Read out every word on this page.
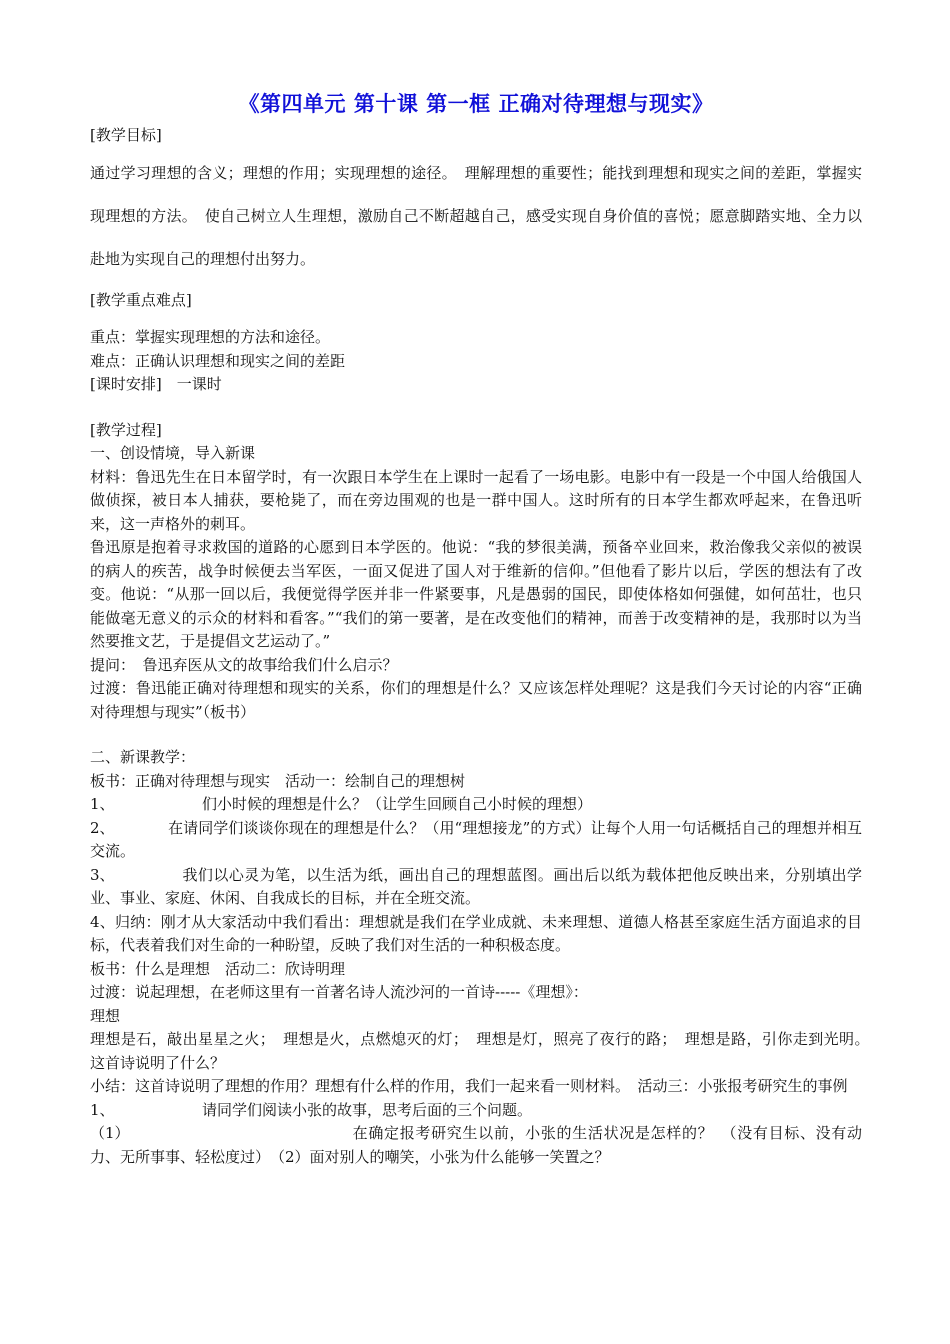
《第四单元 第十课 第一框 正确对待理想与现实》

[教学目标]

通过学习理想的含义；理想的作用；实现理想的途径。　理解理想的重要性；能找到理想和现实之间的差距，掌握实现理想的方法。　使自己树立人生理想，激励自己不断超越自己，感受实现自身价值的喜悦；愿意脚踏实地、全力以赴地为实现自己的理想付出努力。

[教学重点难点]

重点：掌握实现理想的方法和途径。

难点：正确认识理想和现实之间的差距

[课时安排]　一课时

[教学过程]

一、创设情境，导入新课

材料：鲁迅先生在日本留学时，有一次跟日本学生在上课时一起看了一场电影。电影中有一段是一个中国人给俄国人做侦探，被日本人捕获，要枪毙了，而在旁边围观的也是一群中国人。这时所有的日本学生都欢呼起来，在鲁迅听来，这一声格外的刺耳。

鲁迅原是抱着寻求救国的道路的心愿到日本学医的。他说：“我的梦很美满，预备卒业回来，救治像我父亲似的被误的病人的疾苦，战争时候便去当军医，一面又促进了国人对于维新的信仰。”但他看了影片以后，学医的想法有了改变。他说：“从那一回以后，我便觉得学医并非一件紧要事，凡是愚弱的国民，即使体格如何强健，如何茁壮，也只能做毫无意义的示众的材料和看客。”“我们的第一要著，是在改变他们的精神，而善于改变精神的是，我那时以为当然要推文艺，于是提倡文艺运动了。”

提问：　鲁迅弃医从文的故事给我们什么启示？

过渡：鲁迅能正确对待理想和现实的关系，你们的理想是什么？又应该怎样处理呢？这是我们今天讨论的内容“正确对待理想与现实”（板书）

二、新课教学：

板书：正确对待理想与现实　活动一：绘制自己的理想树

1、	们小时候的理想是什么？（让学生回顾自己小时候的理想）

2、	在请同学们谈谈你现在的理想是什么？（用“理想接龙”的方式）让每个人用一句话概括自己的理想并相互交流。

3、	我们以心灵为笔，以生活为纸，画出自己的理想蓝图。画出后以纸为载体把他反映出来，分别填出学业、事业、家庭、休闲、自我成长的目标，并在全班交流。

4、归纳：刚才从大家活动中我们看出：理想就是我们在学业成就、未来理想、道德人格甚至家庭生活方面追求的目标，代表着我们对生命的一种盼望，反映了我们对生活的一种积极态度。

板书：什么是理想　活动二：欣诗明理

过渡：说起理想，在老师这里有一首著名诗人流沙河的一首诗-----《理想》：

理想

理想是石，敲出星星之火；　理想是火，点燃熄灭的灯；　理想是灯，照亮了夜行的路；　理想是路，引你走到光明。　这首诗说明了什么？

小结：这首诗说明了理想的作用？理想有什么样的作用，我们一起来看一则材料。　活动三：小张报考研究生的事例

1、	请同学们阅读小张的故事，思考后面的三个问题。

（1）	在确定报考研究生以前，小张的生活状况是怎样的？　（没有目标、没有动力、无所事事、轻松度过）　（2）面对别人的嘲笑，小张为什么能够一笑置之？
